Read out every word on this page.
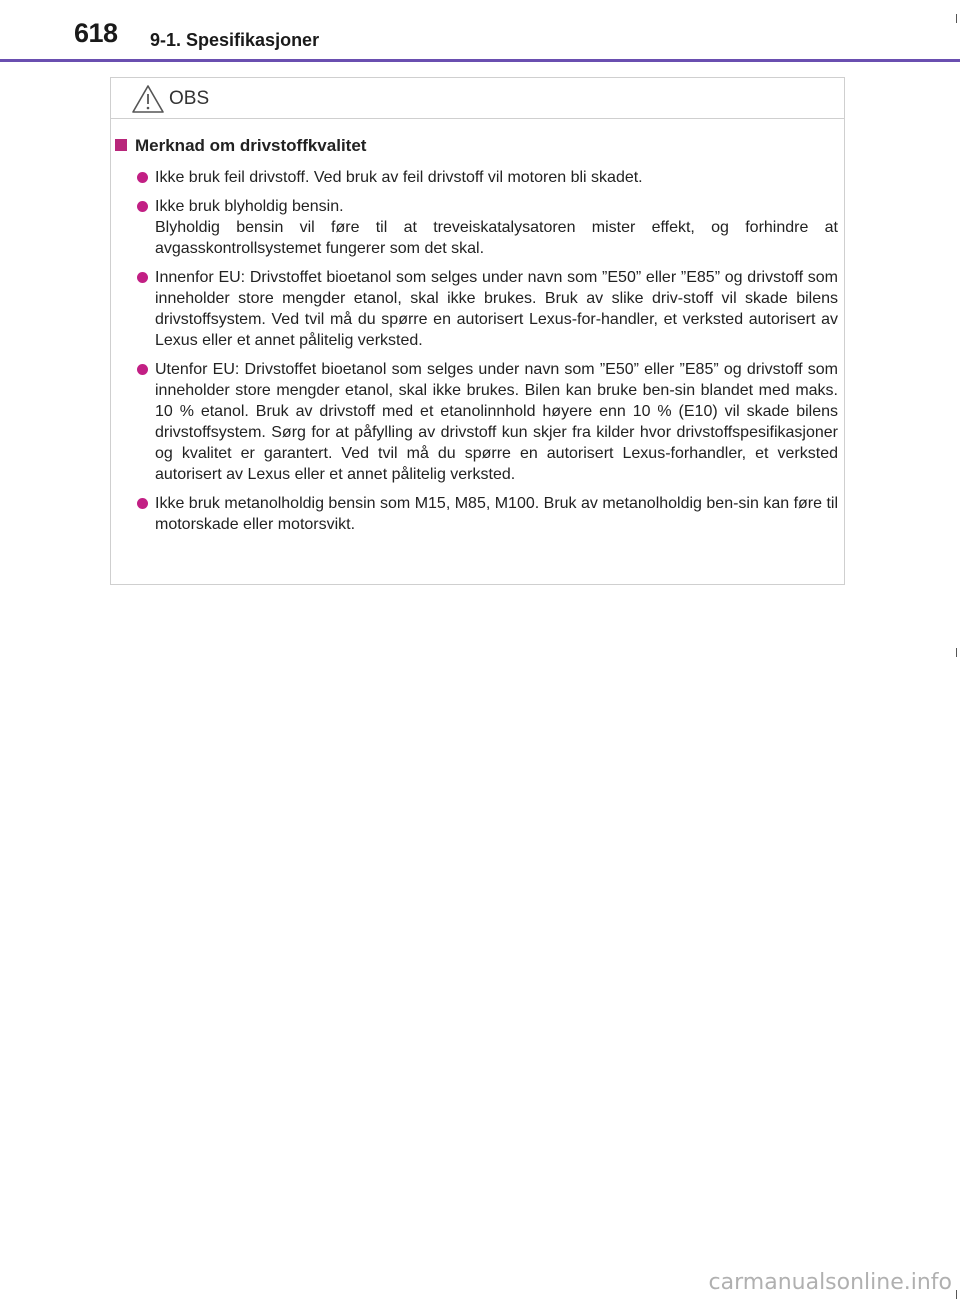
618 9-1. Spesifikasjoner
OBS
Merknad om drivstoffkvalitet
Ikke bruk feil drivstoff. Ved bruk av feil drivstoff vil motoren bli skadet.
Ikke bruk blyholdig bensin.
Blyholdig bensin vil føre til at treveiskatalysatoren mister effekt, og forhindre at avgasskontrollsystemet fungerer som det skal.
Innenfor EU: Drivstoffet bioetanol som selges under navn som ”E50” eller ”E85” og drivstoff som inneholder store mengder etanol, skal ikke brukes. Bruk av slike driv-stoff vil skade bilens drivstoffsystem. Ved tvil må du spørre en autorisert Lexus-for-handler, et verksted autorisert av Lexus eller et annet pålitelig verksted.
Utenfor EU: Drivstoffet bioetanol som selges under navn som ”E50” eller ”E85” og drivstoff som inneholder store mengder etanol, skal ikke brukes. Bilen kan bruke ben-sin blandet med maks. 10 % etanol. Bruk av drivstoff med et etanolinnhold høyere enn 10 % (E10) vil skade bilens drivstoffsystem. Sørg for at påfylling av drivstoff kun skjer fra kilder hvor drivstoffspesifikasjoner og kvalitet er garantert. Ved tvil må du spørre en autorisert Lexus-forhandler, et verksted autorisert av Lexus eller et annet pålitelig verksted.
Ikke bruk metanolholdig bensin som M15, M85, M100. Bruk av metanolholdig ben-sin kan føre til motorskade eller motorsvikt.
carmanualsonline.info
